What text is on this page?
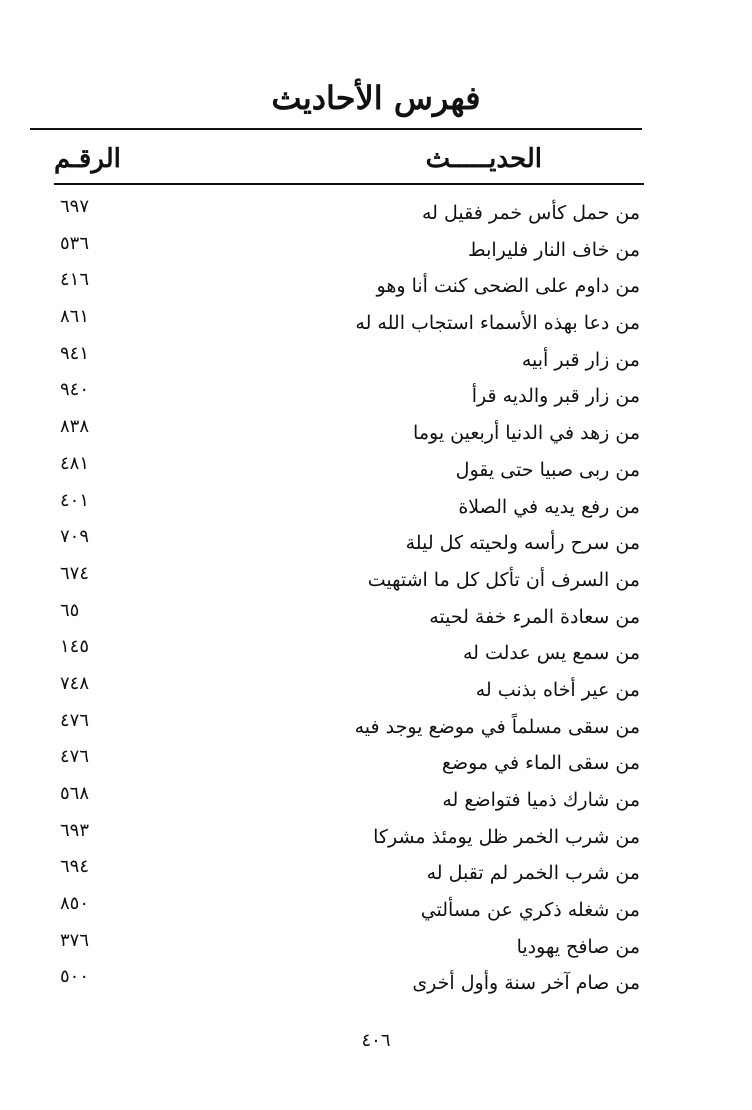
فهرس الأحاديث
الحديـــــث
الرقـم
من حمل كأس خمر فقيل له
٦٩٧
من خاف النار فليرابط
٥٣٦
من داوم على الضحى كنت أنا وهو
٤١٦
من دعا بهذه الأسماء استجاب الله له
٨٦١
من زار قبر أبيه
٩٤١
من زار قبر والديه قرأ
٩٤٠
من زهد في الدنيا أربعين يوما
٨٣٨
من ربى صبيا حتى يقول
٤٨١
من رفع يديه في الصلاة
٤٠١
من سرح رأسه ولحيته كل ليلة
٧٠٩
من السرف أن تأكل كل ما اشتهيت
٦٧٤
من سعادة المرء خفة لحيته
٦٥
من سمع يس عدلت له
١٤٥
من عير أخاه بذنب له
٧٤٨
من سقى مسلماً في موضع يوجد فيه
٤٧٦
من سقى الماء في موضع
٤٧٦
من شارك ذميا فتواضع له
٥٦٨
من شرب الخمر ظل يومئذ مشركا
٦٩٣
من شرب الخمر لم تقبل له
٦٩٤
من شغله ذكري عن مسألتي
٨٥٠
من صافح يهوديا
٣٧٦
من صام آخر سنة وأول أخرى
٥٠٠
٤٠٦
